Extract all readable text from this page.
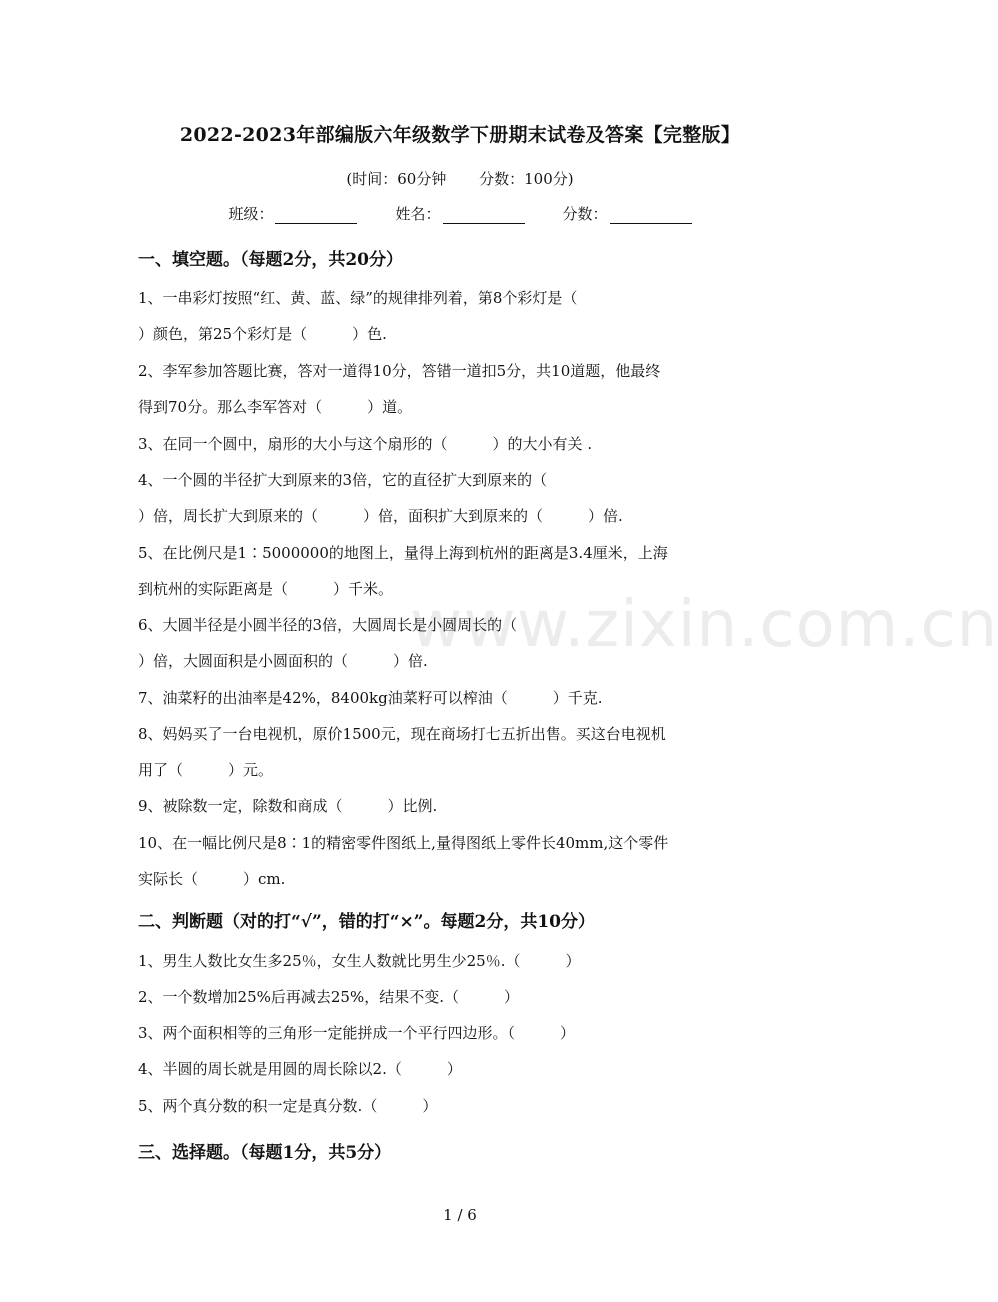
www.zixin.com.cn
2022-2023年部编版六年级数学下册期末试卷及答案【完整版】
(时间：60分钟 分数：100分)
班级：	姓名：	分数：
一、填空题。（每题2分，共20分）
1、一串彩灯按照“红、黄、蓝、绿”的规律排列着，第8个彩灯是（
）颜色，第25个彩灯是（　　　）色.
2、李军参加答题比赛，答对一道得10分，答错一道扣5分，共10道题，他最终
得到70分。那么李军答对（　　　）道。
3、在同一个圆中，扇形的大小与这个扇形的（　　　）的大小有关 .
4、一个圆的半径扩大到原来的3倍，它的直径扩大到原来的（
）倍，周长扩大到原来的（　　　）倍，面积扩大到原来的（　　　）倍.
5、在比例尺是1∶5000000的地图上，量得上海到杭州的距离是3.4厘米，上海
到杭州的实际距离是（　　　）千米。
6、大圆半径是小圆半径的3倍，大圆周长是小圆周长的（
）倍，大圆面积是小圆面积的（　　　）倍.
7、油菜籽的出油率是42%，8400kg油菜籽可以榨油（　　　）千克.
8、妈妈买了一台电视机，原价1500元，现在商场打七五折出售。买这台电视机
用了（　　　）元。
9、被除数一定，除数和商成（　　　）比例.
10、在一幅比例尺是8∶1的精密零件图纸上,量得图纸上零件长40mm,这个零件
实际长（　　　）cm.
二、判断题（对的打“√”，错的打“×”。每题2分，共10分）
1、男生人数比女生多25％，女生人数就比男生少25％.（　　　）
2、一个数增加25%后再减去25%，结果不变.（　　　）
3、两个面积相等的三角形一定能拼成一个平行四边形。（　　　）
4、半圆的周长就是用圆的周长除以2.（　　　）
5、两个真分数的积一定是真分数.（　　　）
三、选择题。（每题1分，共5分）
1 / 6
